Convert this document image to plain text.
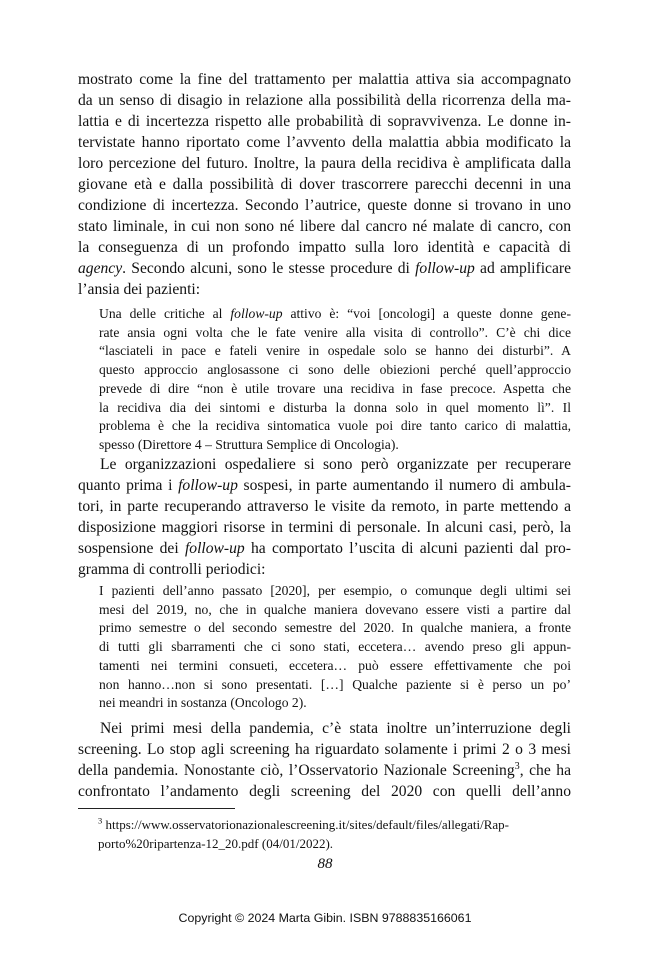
mostrato come la fine del trattamento per malattia attiva sia accompagnato
da un senso di disagio in relazione alla possibilità della ricorrenza della ma-
lattia e di incertezza rispetto alle probabilità di sopravvivenza. Le donne in-
tervistate hanno riportato come l’avvento della malattia abbia modificato la
loro percezione del futuro. Inoltre, la paura della recidiva è amplificata dalla
giovane età e dalla possibilità di dover trascorrere parecchi decenni in una
condizione di incertezza. Secondo l’autrice, queste donne si trovano in uno
stato liminale, in cui non sono né libere dal cancro né malate di cancro, con
la conseguenza di un profondo impatto sulla loro identità e capacità di
agency. Secondo alcuni, sono le stesse procedure di follow-up ad amplificare
l’ansia dei pazienti:
Una delle critiche al follow-up attivo è: “voi [oncologi] a queste donne gene-
rate ansia ogni volta che le fate venire alla visita di controllo”. C’è chi dice
“lasciateli in pace e fateli venire in ospedale solo se hanno dei disturbi”. A
questo approccio anglosassone ci sono delle obiezioni perché quell’approccio
prevede di dire “non è utile trovare una recidiva in fase precoce. Aspetta che
la recidiva dia dei sintomi e disturba la donna solo in quel momento lì”. Il
problema è che la recidiva sintomatica vuole poi dire tanto carico di malattia,
spesso (Direttore 4 – Struttura Semplice di Oncologia).
Le organizzazioni ospedaliere si sono però organizzate per recuperare
quanto prima i follow-up sospesi, in parte aumentando il numero di ambula-
tori, in parte recuperando attraverso le visite da remoto, in parte mettendo a
disposizione maggiori risorse in termini di personale. In alcuni casi, però, la
sospensione dei follow-up ha comportato l’uscita di alcuni pazienti dal pro-
gramma di controlli periodici:
I pazienti dell’anno passato [2020], per esempio, o comunque degli ultimi sei
mesi del 2019, no, che in qualche maniera dovevano essere visti a partire dal
primo semestre o del secondo semestre del 2020. In qualche maniera, a fronte
di tutti gli sbarramenti che ci sono stati, eccetera… avendo preso gli appun-
tamenti nei termini consueti, eccetera… può essere effettivamente che poi
non hanno…non si sono presentati. […] Qualche paziente si è perso un po’
nei meandri in sostanza (Oncologo 2).
Nei primi mesi della pandemia, c’è stata inoltre un’interruzione degli
screening. Lo stop agli screening ha riguardato solamente i primi 2 o 3 mesi
della pandemia. Nonostante ciò, l’Osservatorio Nazionale Screening$^3$, che ha
confrontato l’andamento degli screening del 2020 con quelli dell’anno
$^3$ https://www.osservatorionazionalescreening.it/sites/default/files/allegati/Rap-
porto%20ripartenza-12_20.pdf (04/01/2022).
88
Copyright © 2024 Marta Gibin. ISBN 9788835166061
